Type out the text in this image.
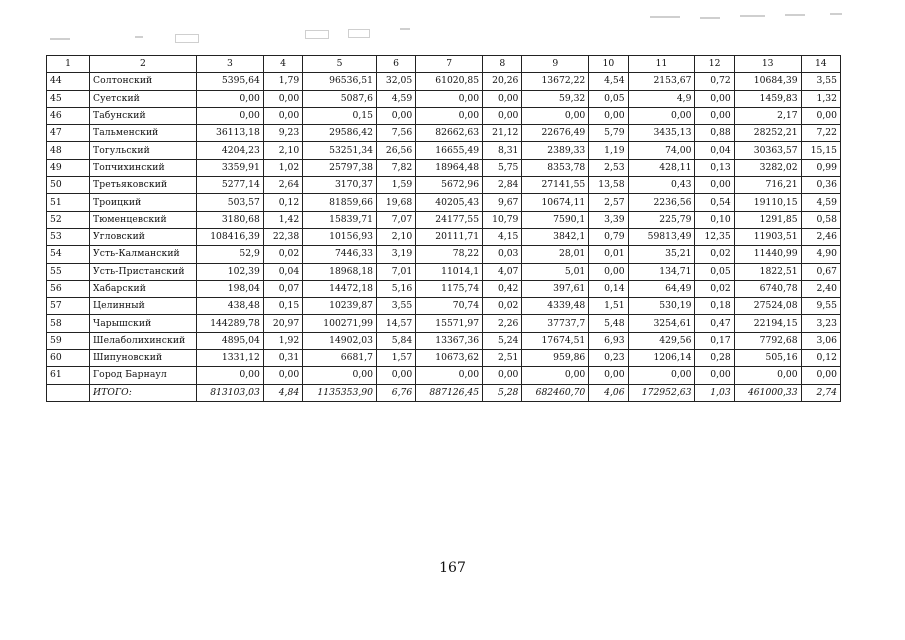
1	2	3	4	5	6	7	8	9	10	11	12	13	14
44	Солтонский	5395,64	1,79	96536,51	32,05	61020,85	20,26	13672,22	4,54	2153,67	0,72	10684,39	3,55
45	Суетский	0,00	0,00	5087,6	4,59	0,00	0,00	59,32	0,05	4,9	0,00	1459,83	1,32
46	Табунский	0,00	0,00	0,15	0,00	0,00	0,00	0,00	0,00	0,00	0,00	2,17	0,00
47	Тальменский	36113,18	9,23	29586,42	7,56	82662,63	21,12	22676,49	5,79	3435,13	0,88	28252,21	7,22
48	Тогульский	4204,23	2,10	53251,34	26,56	16655,49	8,31	2389,33	1,19	74,00	0,04	30363,57	15,15
49	Топчихинский	3359,91	1,02	25797,38	7,82	18964,48	5,75	8353,78	2,53	428,11	0,13	3282,02	0,99
50	Третьяковский	5277,14	2,64	3170,37	1,59	5672,96	2,84	27141,55	13,58	0,43	0,00	716,21	0,36
51	Троицкий	503,57	0,12	81859,66	19,68	40205,43	9,67	10674,11	2,57	2236,56	0,54	19110,15	4,59
52	Тюменцевский	3180,68	1,42	15839,71	7,07	24177,55	10,79	7590,1	3,39	225,79	0,10	1291,85	0,58
53	Угловский	108416,39	22,38	10156,93	2,10	20111,71	4,15	3842,1	0,79	59813,49	12,35	11903,51	2,46
54	Усть-Калманский	52,9	0,02	7446,33	3,19	78,22	0,03	28,01	0,01	35,21	0,02	11440,99	4,90
55	Усть-Пристанский	102,39	0,04	18968,18	7,01	11014,1	4,07	5,01	0,00	134,71	0,05	1822,51	0,67
56	Хабарский	198,04	0,07	14472,18	5,16	1175,74	0,42	397,61	0,14	64,49	0,02	6740,78	2,40
57	Целинный	438,48	0,15	10239,87	3,55	70,74	0,02	4339,48	1,51	530,19	0,18	27524,08	9,55
58	Чарышский	144289,78	20,97	100271,99	14,57	15571,97	2,26	37737,7	5,48	3254,61	0,47	22194,15	3,23
59	Шелаболихинский	4895,04	1,92	14902,03	5,84	13367,36	5,24	17674,51	6,93	429,56	0,17	7792,68	3,06
60	Шипуновский	1331,12	0,31	6681,7	1,57	10673,62	2,51	959,86	0,23	1206,14	0,28	505,16	0,12
61	Город Барнаул	0,00	0,00	0,00	0,00	0,00	0,00	0,00	0,00	0,00	0,00	0,00	0,00
	ИТОГО:	813103,03	4,84	1135353,90	6,76	887126,45	5,28	682460,70	4,06	172952,63	1,03	461000,33	2,74
167
